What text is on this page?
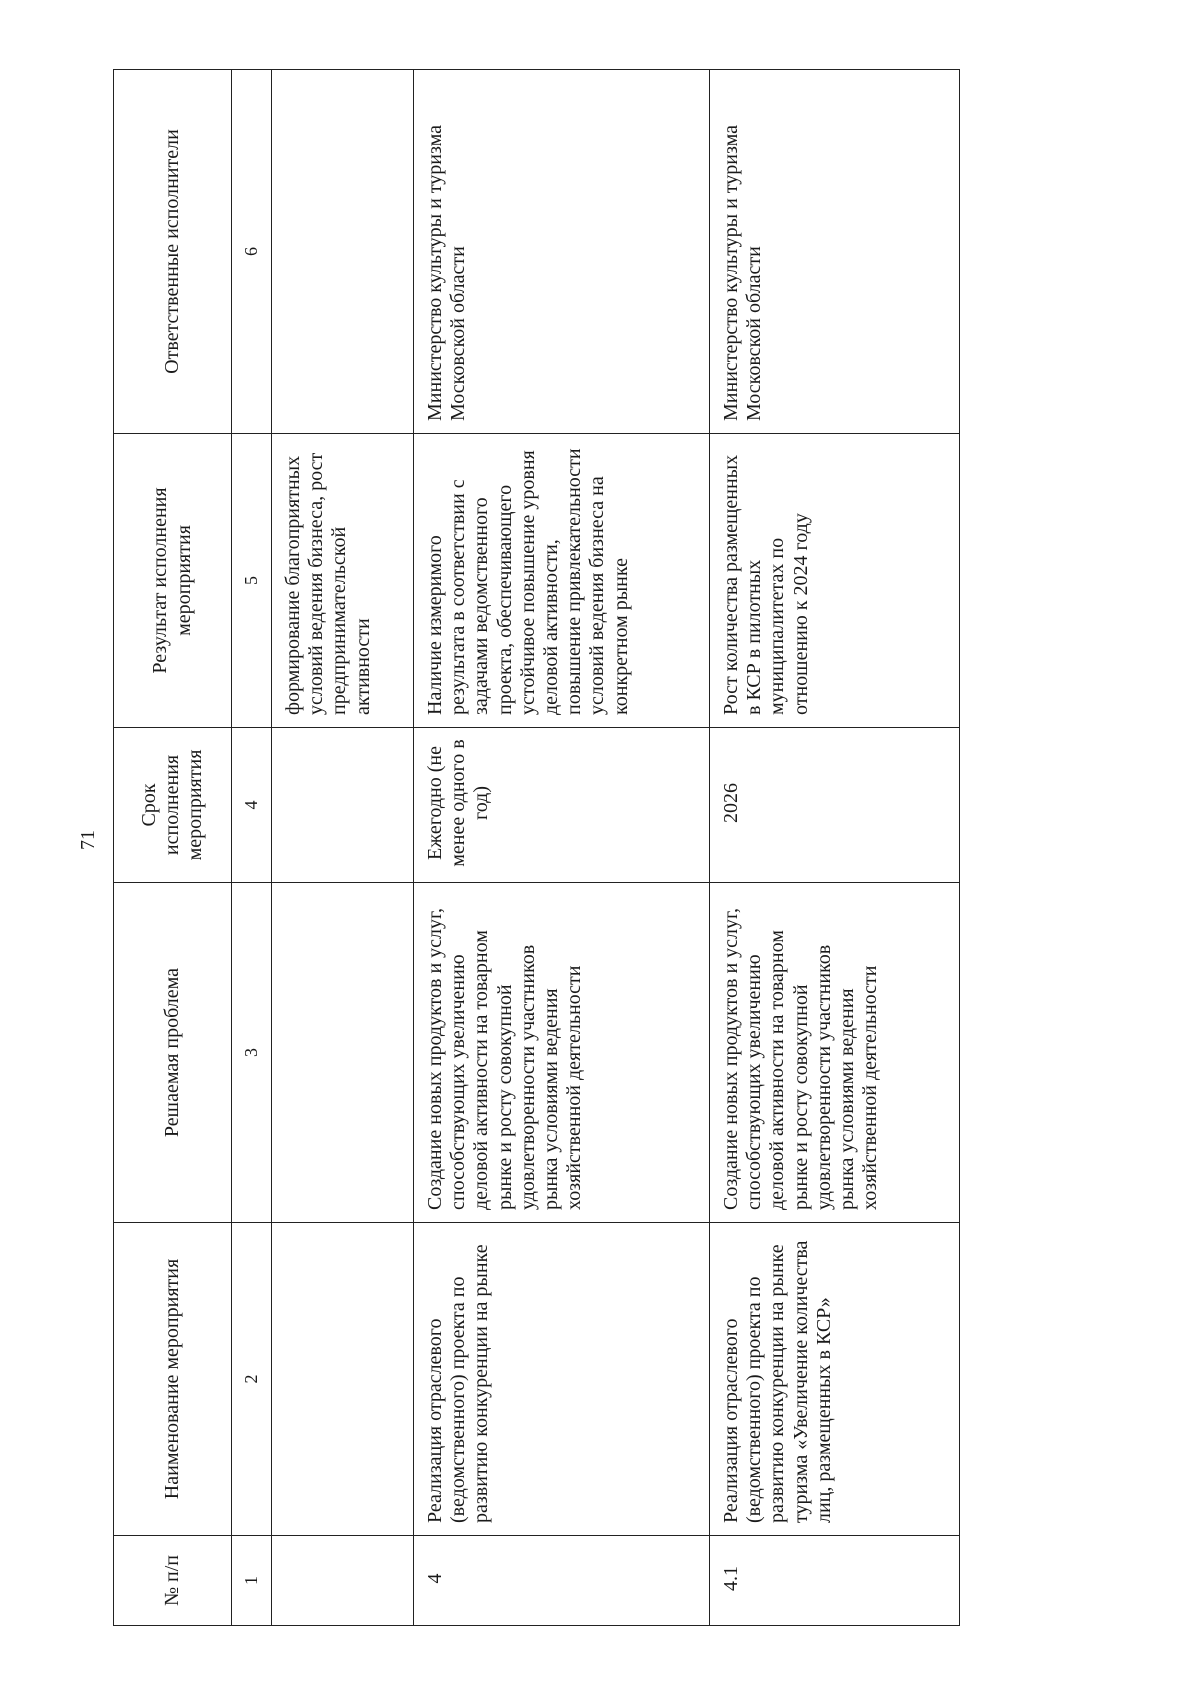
71
№ п/п	Наименование мероприятия	Решаемая проблема	Срок исполнения мероприятия	Результат исполнения мероприятия	Ответственные исполнители
1	2	3	4	5	6
				формирование благоприятных условий ведения бизнеса, рост предпринимательской активности	
4	Реализация отраслевого (ведомственного) проекта по развитию конкуренции на рынке	Создание новых продуктов и услуг, способствующих увеличению деловой активности на товарном рынке и росту совокупной удовлетворенности участников рынка условиями ведения хозяйственной деятельности	Ежегодно (не менее одного в год)	Наличие измеримого результата в соответствии с задачами ведомственного проекта, обеспечивающего устойчивое повышение уровня деловой активности, повышение привлекательности условий ведения бизнеса на конкретном рынке	Министерство культуры и туризма Московской области
4.1	Реализация отраслевого (ведомственного) проекта по развитию конкуренции на рынке туризма «Увеличение количества лиц, размещенных в КСР»	Создание новых продуктов и услуг, способствующих увеличению деловой активности на товарном рынке и росту совокупной удовлетворенности участников рынка условиями ведения хозяйственной деятельности	2026	Рост количества размещенных в КСР в пилотных муниципалитетах по отношению к 2024 году	Министерство культуры и туризма Московской области
